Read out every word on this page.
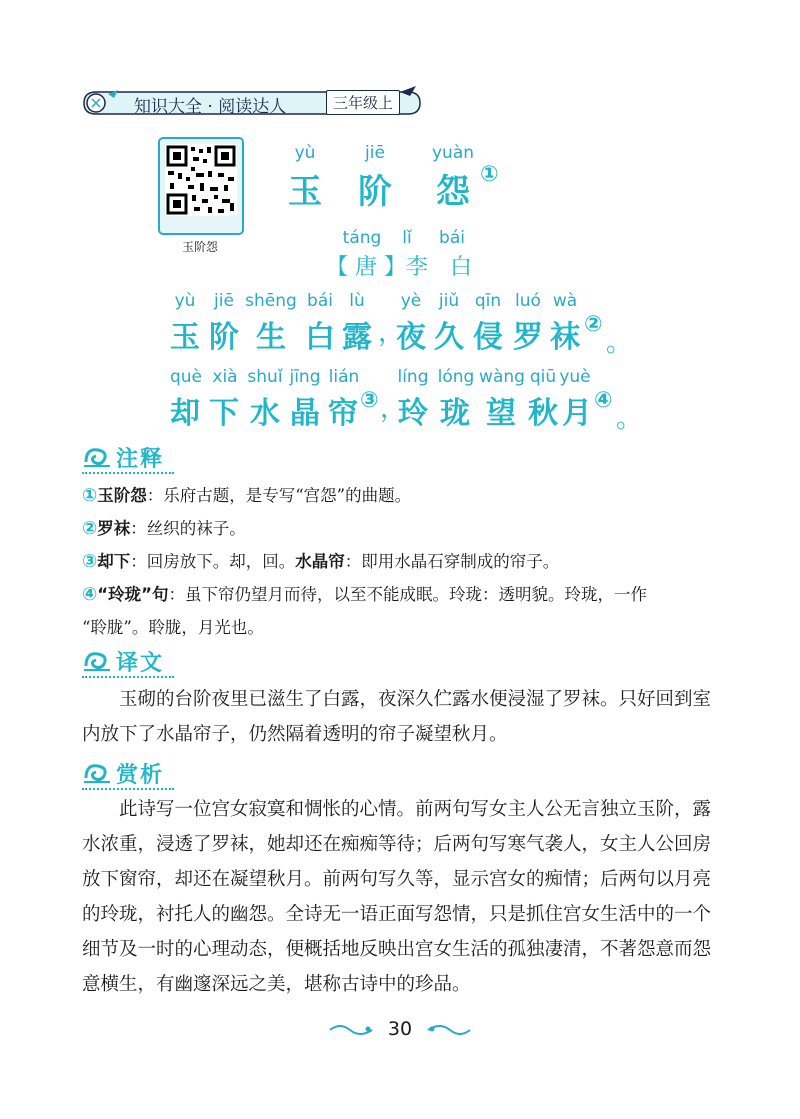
知识大全 · 阅读达人	三年级上
玉阶怨
yù	jiē	yuàn
玉 阶 怨 ①
táng	lǐ	bái
【 唐 】李　白
yù	jiē shēng bái lù	yè	jiǔ qīn luó wà
玉 阶 生 白 露 ，
夜 久 侵 罗 袜 ②
。
què xià shuǐ jīng lián	líng lóng wàng qiū yuè
却 下 水 晶 帘 ③ ，
玲 珑 望 秋 月 ④
。
注释
①玉阶怨：乐府古题，是专写“宫怨”的曲题。
②罗袜：丝织的袜子。
③却下：回房放下。却，回。水晶帘：即用水晶石穿制成的帘子。
④“玲珑”句：虽下帘仍望月而待，以至不能成眠。玲珑：透明貌。玲珑，一作
“聆胧”。聆胧，月光也。
译文
玉砌的台阶夜里已滋生了白露，夜深久伫露水便浸湿了罗袜。只好回到室内放下了水晶帘子，仍然隔着透明的帘子凝望秋月。
赏析
此诗写一位宫女寂寞和惆怅的心情。前两句写女主人公无言独立玉阶，露水浓重，浸透了罗袜，她却还在痴痴等待；后两句写寒气袭人，女主人公回房放下窗帘，却还在凝望秋月。前两句写久等，显示宫女的痴情；后两句以月亮的玲珑，衬托人的幽怨。全诗无一语正面写怨情，只是抓住宫女生活中的一个细节及一时的心理动态，便概括地反映出宫女生活的孤独凄清，不著怨意而怨意横生，有幽邃深远之美，堪称古诗中的珍品。
30
